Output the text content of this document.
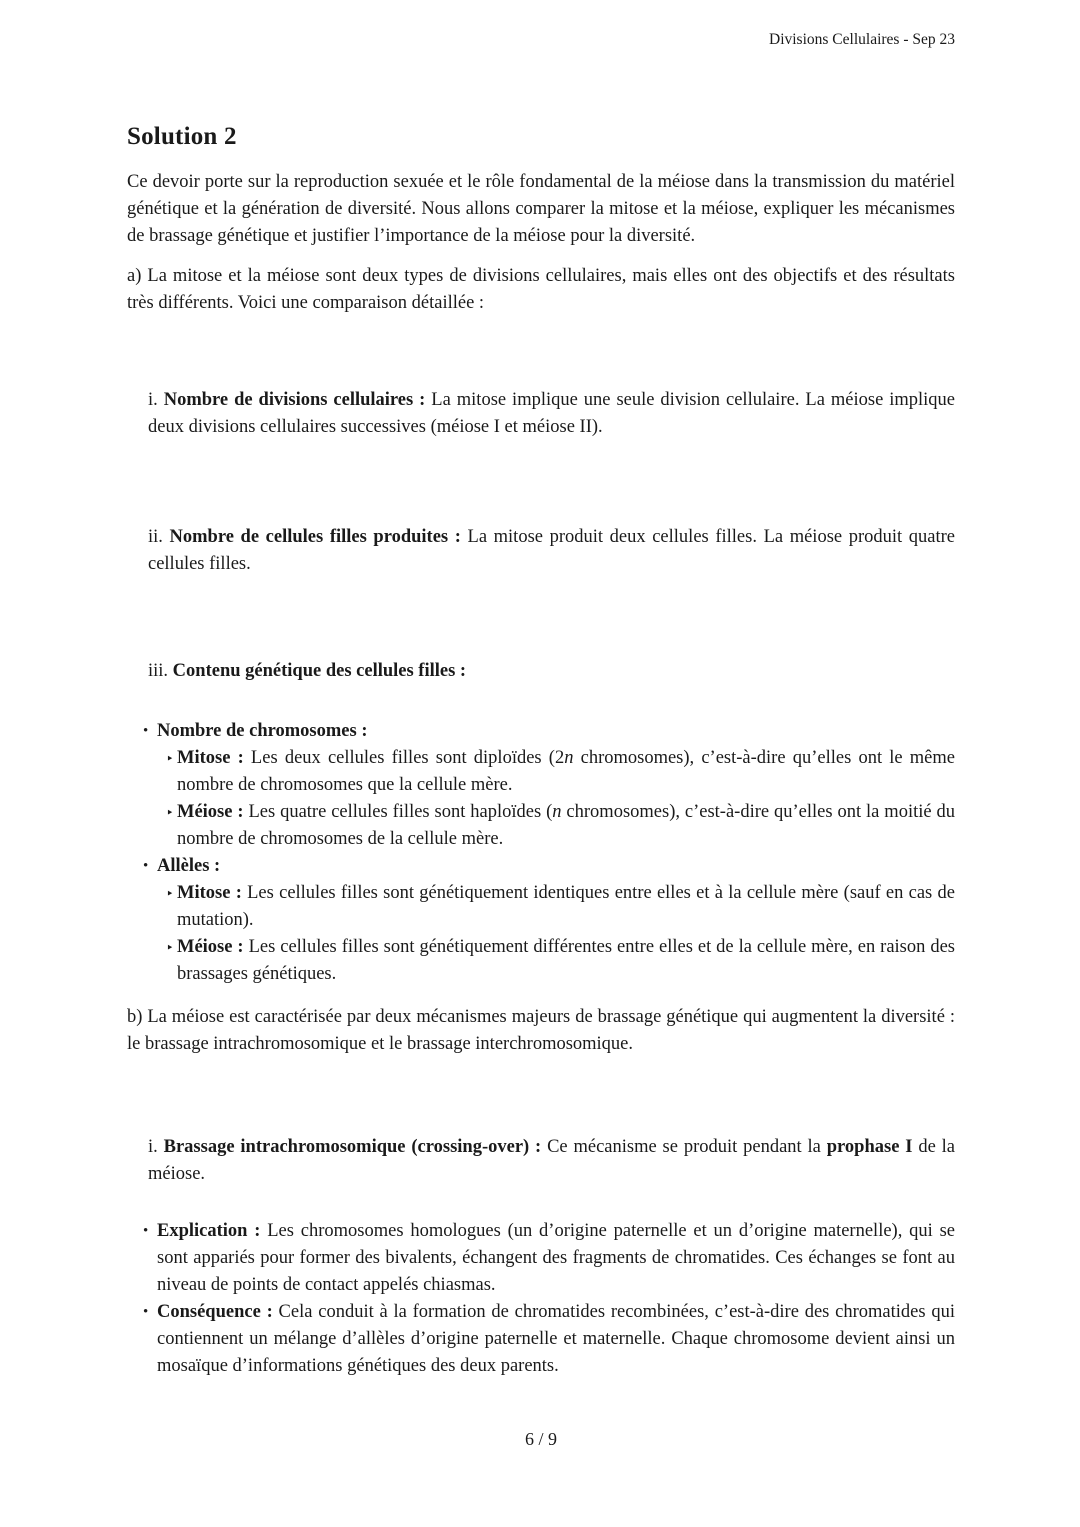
Divisions Cellulaires - Sep 23
Solution 2

Ce devoir porte sur la reproduction sexuée et le rôle fondamental de la méiose dans la transmission du matériel génétique et la génération de diversité. Nous allons comparer la mitose et la méiose, expliquer les mécanismes de brassage génétique et justifier l’importance de la méiose pour la diversité.

a) La mitose et la méiose sont deux types de divisions cellulaires, mais elles ont des objectifs et des résultats très différents. Voici une comparaison détaillée :

i. Nombre de divisions cellulaires : La mitose implique une seule division cellulaire. La méiose implique deux divisions cellulaires successives (méiose I et méiose II).

ii. Nombre de cellules filles produites : La mitose produit deux cellules filles. La méiose produit quatre cellules filles.

iii. Contenu génétique des cellules filles :

• Nombre de chromosomes :
‣ Mitose : Les deux cellules filles sont diploïdes (2n chromosomes), c’est-à-dire qu’elles ont le même nombre de chromosomes que la cellule mère.
‣ Méiose : Les quatre cellules filles sont haploïdes (n chromosomes), c’est-à-dire qu’elles ont la moitié du nombre de chromosomes de la cellule mère.
• Allèles :
‣ Mitose : Les cellules filles sont génétiquement identiques entre elles et à la cellule mère (sauf en cas de mutation).
‣ Méiose : Les cellules filles sont génétiquement différentes entre elles et de la cellule mère, en raison des brassages génétiques.

b) La méiose est caractérisée par deux mécanismes majeurs de brassage génétique qui augmentent la diversité : le brassage intrachromosomique et le brassage interchromosomique.

i. Brassage intrachromosomique (crossing-over) : Ce mécanisme se produit pendant la prophase I de la méiose.

• Explication : Les chromosomes homologues (un d’origine paternelle et un d’origine maternelle), qui se sont appariés pour former des bivalents, échangent des fragments de chromatides. Ces échanges se font au niveau de points de contact appelés chiasmas.
• Conséquence : Cela conduit à la formation de chromatides recombinées, c’est-à-dire des chromatides qui contiennent un mélange d’allèles d’origine paternelle et maternelle. Chaque chromosome devient ainsi un mosaïque d’informations génétiques des deux parents.
6 / 9
